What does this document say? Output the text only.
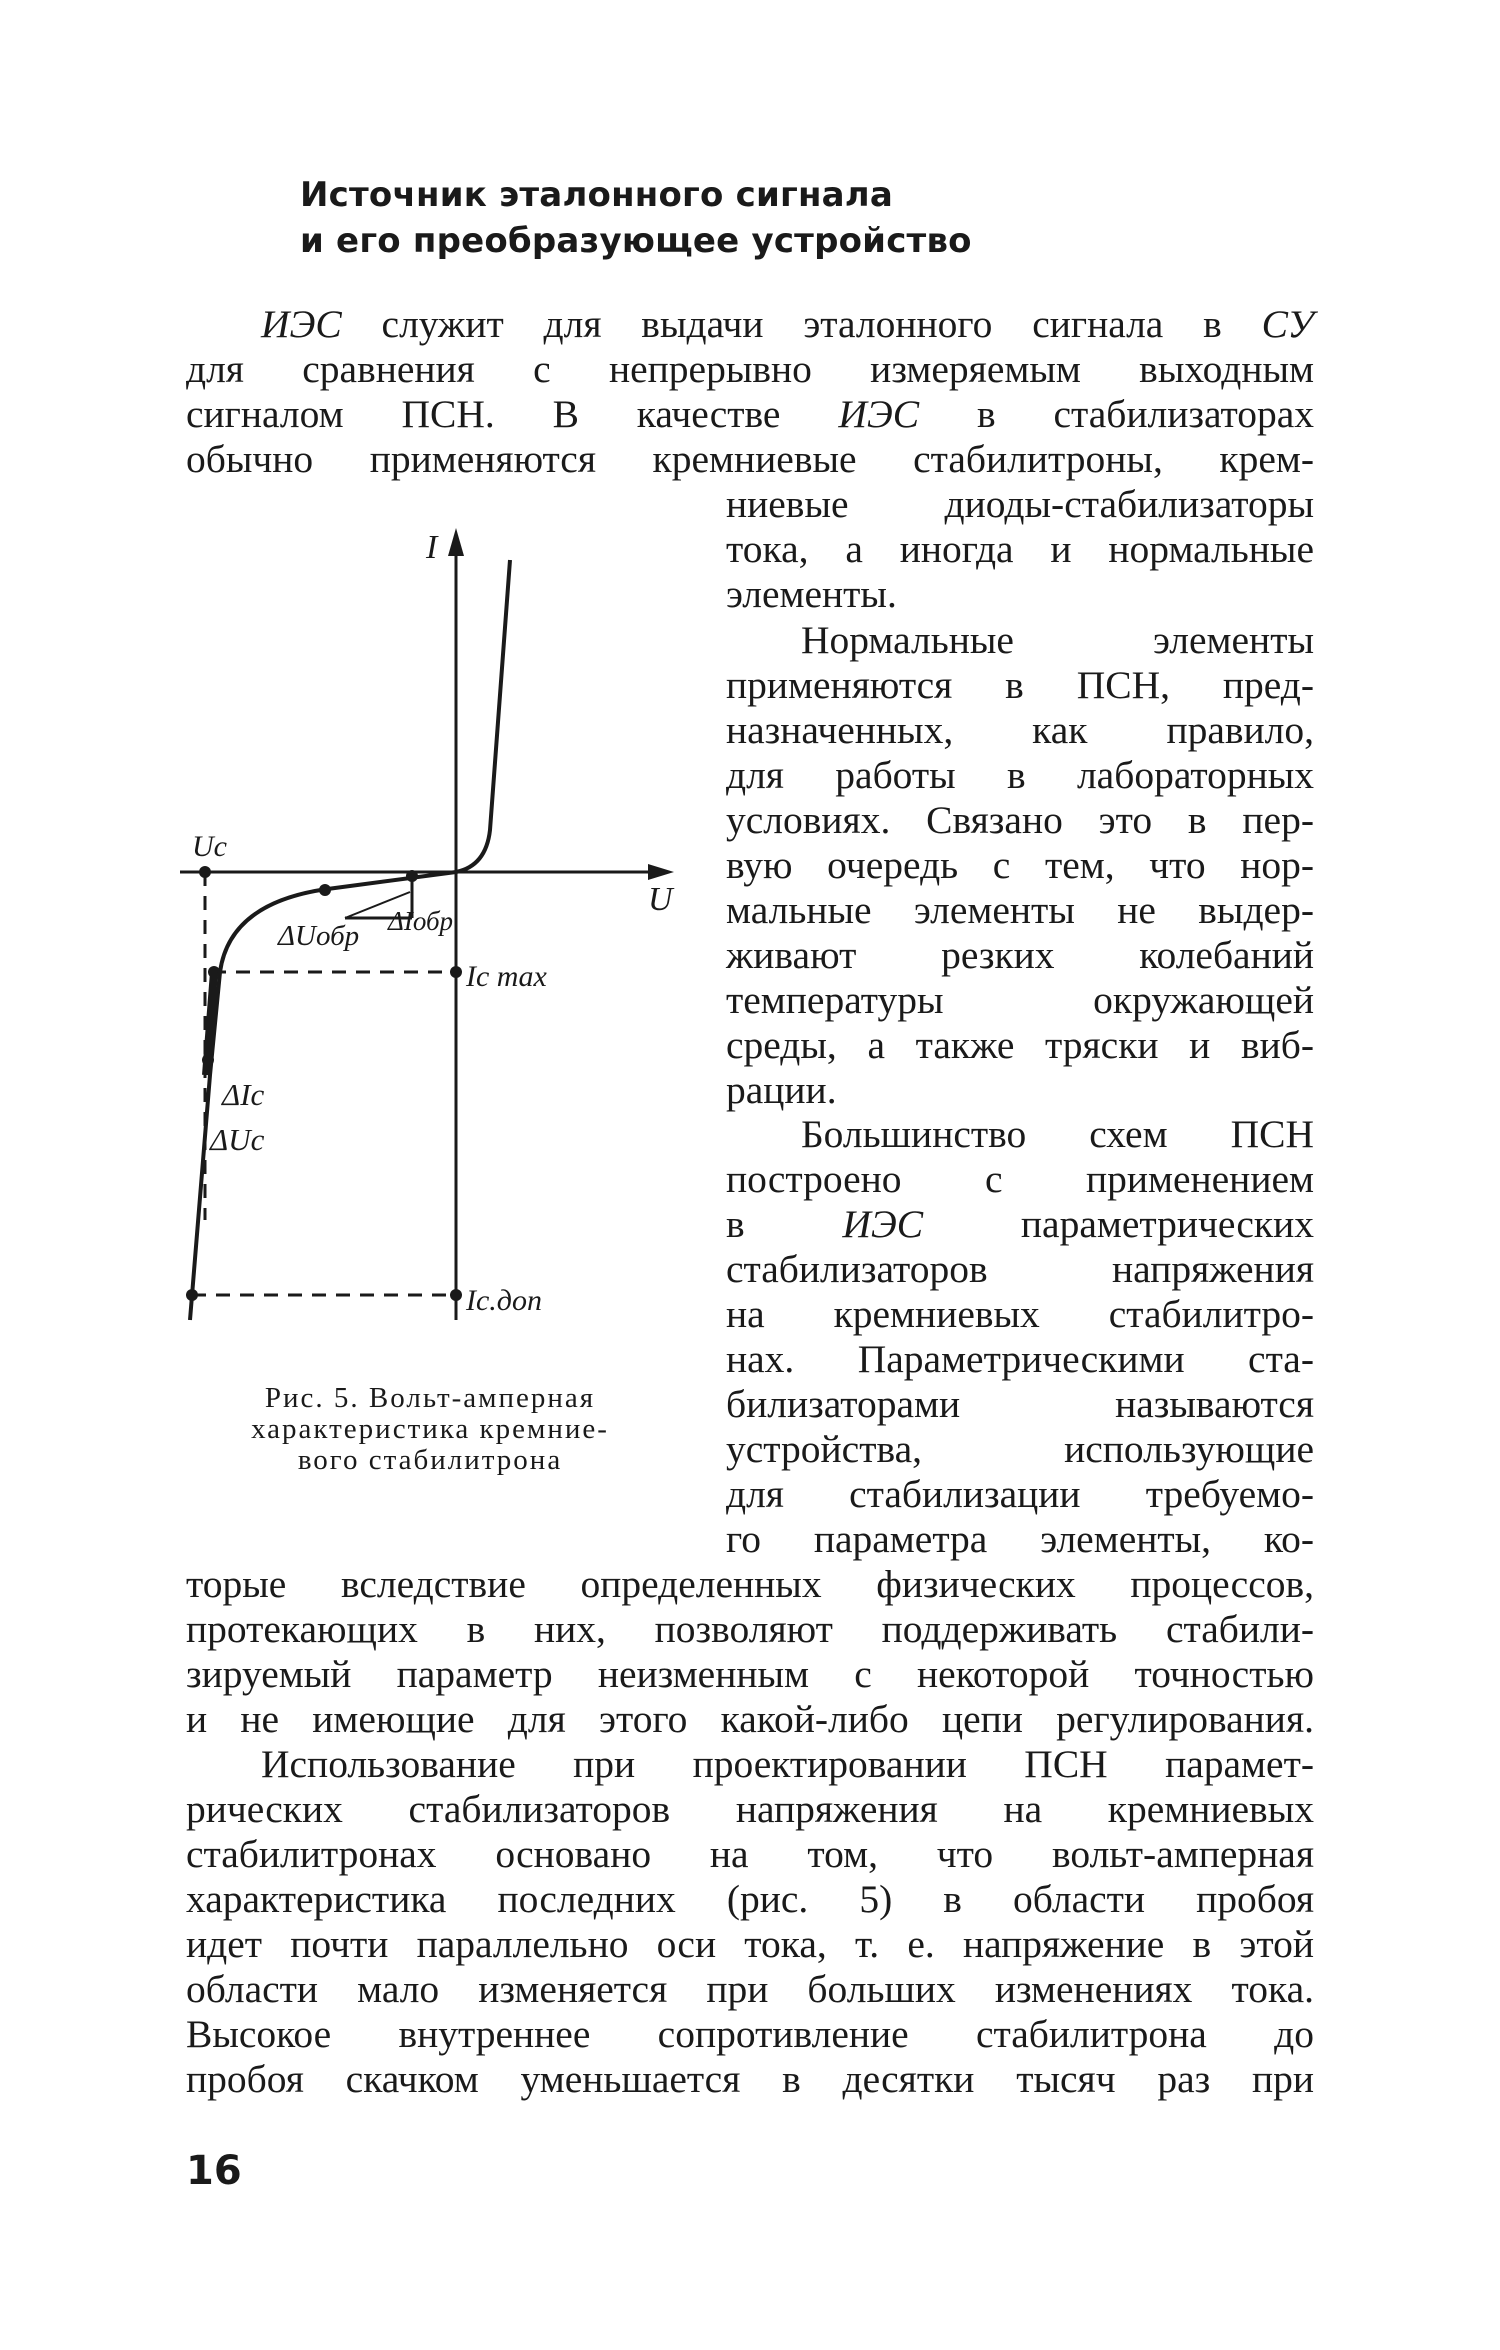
Источник эталонного сигнала
и его преобразующее устройство
ИЭС служит для выдачи эталонного сигнала в СУ
для сравнения с непрерывно измеряемым выходным
сигналом ПСН. В качестве ИЭС в стабилизаторах
обычно применяются кремниевые стабилитроны, крем-
ниевые диоды-стабилизаторы
тока, а иногда и нормальные
элементы.
Нормальные элементы
применяются в ПСН, пред-
назначенных, как правило,
для работы в лабораторных
условиях. Связано это в пер-
вую очередь с тем, что нор-
мальные элементы не выдер-
живают резких колебаний
температуры окружающей
среды, а также тряски и виб-
рации.
Большинство схем ПСН
построено с применением
в ИЭС параметрических
стабилизаторов напряжения
на кремниевых стабилитро-
нах. Параметрическими ста-
билизаторами называются
устройства, использующие
для стабилизации требуемо-
го параметра элементы, ко-
торые вследствие определенных физических процессов,
протекающих в них, позволяют поддерживать стабили-
зируемый параметр неизменным с некоторой точностью
и не имеющие для этого какой-либо цепи регулирования.
Использование при проектировании ПСН парамет-
рических стабилизаторов напряжения на кремниевых
стабилитронах основано на том, что вольт-амперная
характеристика последних (рис. 5) в области пробоя
идет почти параллельно оси тока, т. е. напряжение в этой
области мало изменяется при больших изменениях тока.
Высокое внутреннее сопротивление стабилитрона до
пробоя скачком уменьшается в десятки тысяч раз при
I
U
Uc
ΔUобр ΔIобр
Ic max
ΔIc
ΔUc
Iс.доп
Рис. 5. Вольт-амперная
характеристика кремние-
вого стабилитрона
16
